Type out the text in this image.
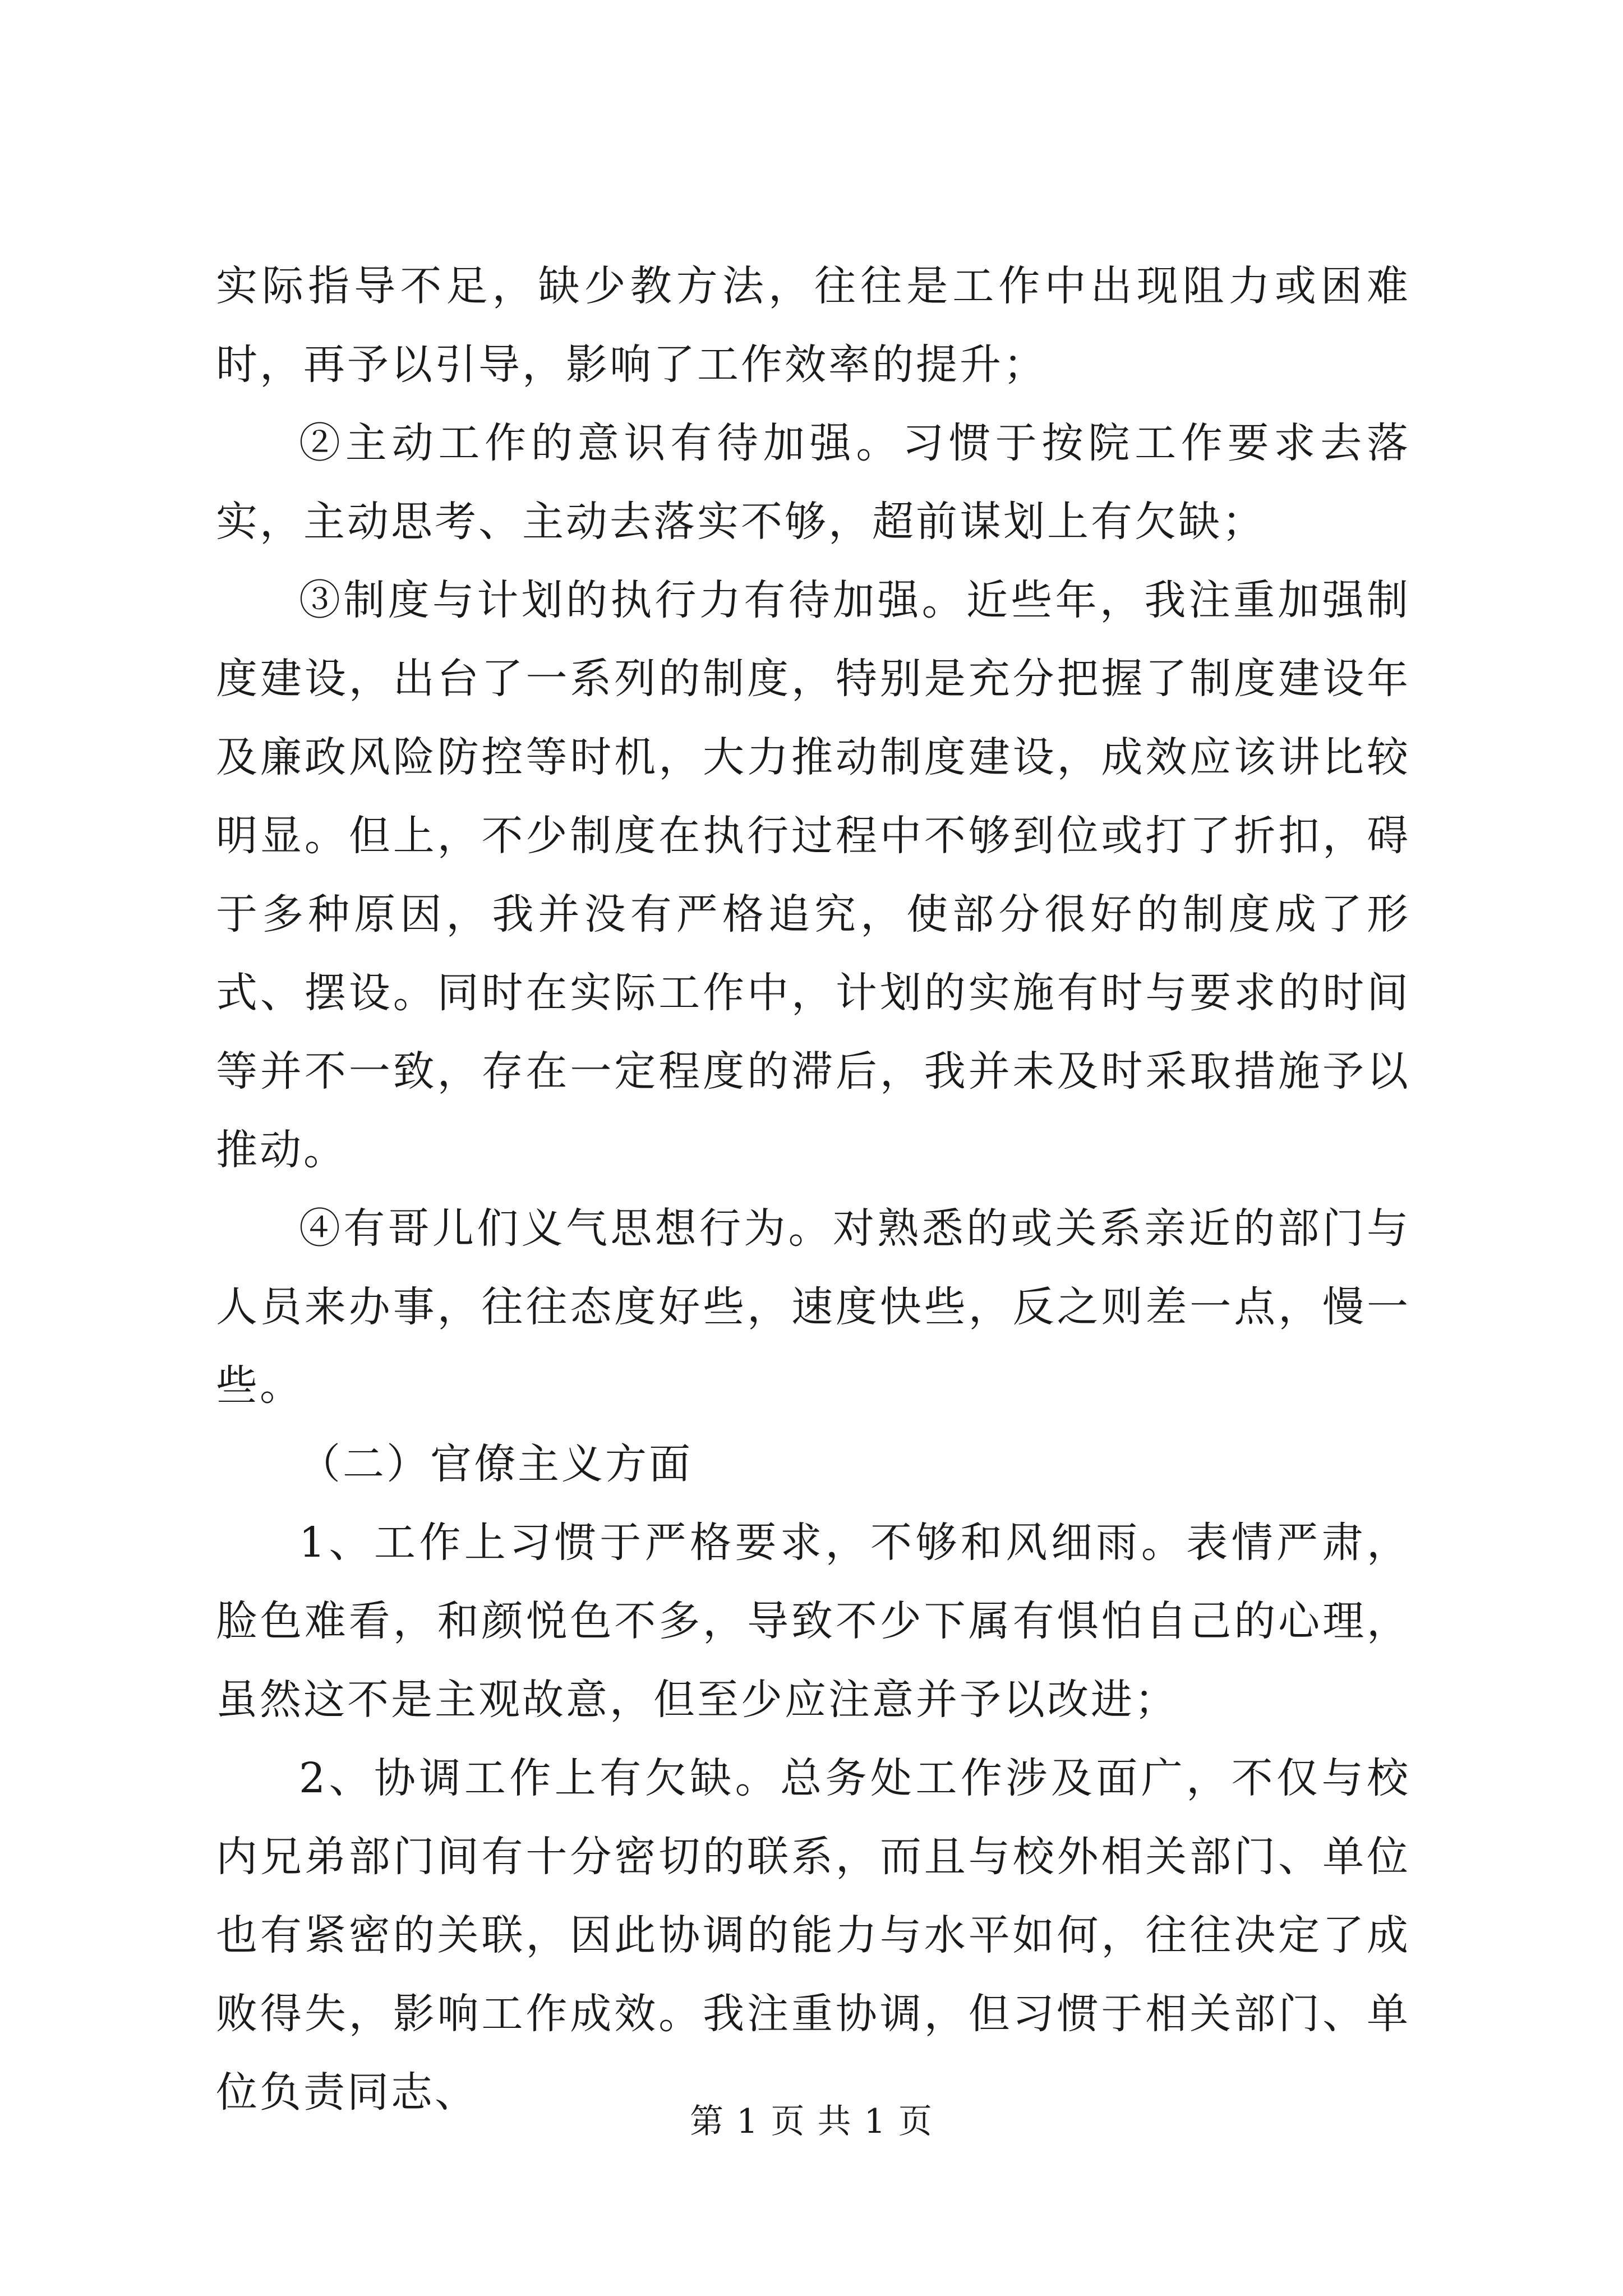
实际指导不足，缺少教方法，往往是工作中出现阻力或困难时，再予以引导，影响了工作效率的提升；

②主动工作的意识有待加强。习惯于按院工作要求去落实，主动思考、主动去落实不够，超前谋划上有欠缺；

③制度与计划的执行力有待加强。近些年，我注重加强制度建设，出台了一系列的制度，特别是充分把握了制度建设年及廉政风险防控等时机，大力推动制度建设，成效应该讲比较明显。但上，不少制度在执行过程中不够到位或打了折扣，碍于多种原因，我并没有严格追究，使部分很好的制度成了形式、摆设。同时在实际工作中，计划的实施有时与要求的时间等并不一致，存在一定程度的滞后，我并未及时采取措施予以推动。

④有哥儿们义气思想行为。对熟悉的或关系亲近的部门与人员来办事，往往态度好些，速度快些，反之则差一点，慢一些。

（二）官僚主义方面

1、工作上习惯于严格要求，不够和风细雨。表情严肃，脸色难看，和颜悦色不多，导致不少下属有惧怕自己的心理，虽然这不是主观故意，但至少应注意并予以改进；

2、协调工作上有欠缺。总务处工作涉及面广，不仅与校内兄弟部门间有十分密切的联系，而且与校外相关部门、单位也有紧密的关联，因此协调的能力与水平如何，往往决定了成败得失，影响工作成效。我注重协调，但习惯于相关部门、单位负责同志、

第 1 页 共 1 页
